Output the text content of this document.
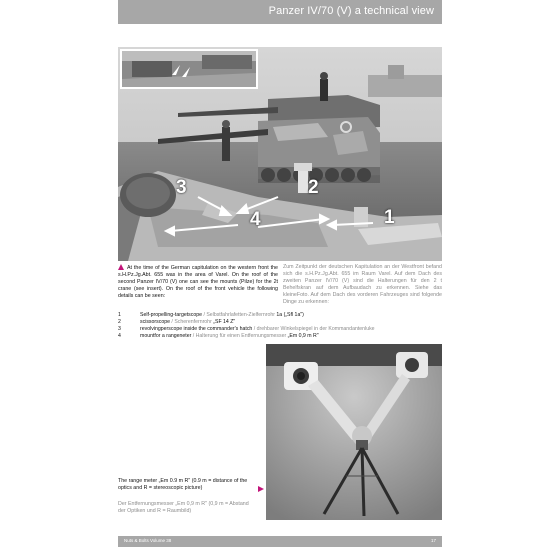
Panzer IV/70 (V) a technical view
3	2
4	1

At the time of the German capitulation on the western front the s.H.Pz.Jg.Abt. 655 was in the area of Varel. On the roof of the second Panzer IV/70 (V) one can see the mounts (Pilze) for the 2t crane (see insert). On the roof of the front vehicle the following details can be seen:

Zum Zeitpunkt der deutschen Kapitulation an der Westfront befand sich die s.H.Pz.Jg.Abt. 655 im Raum Varel. Auf dem Dach des zweiten Panzer IV/70 (V) sind die Halterungen für den 2 t Behelfskran auf dem Aufbaudach zu erkennen. Siehe das kleineFoto. Auf dem Dach des vorderen Fahrzeuges sind folgende Dinge zu erkennen:

1	Self-propelling-targetscope / Selbstfahrlafetten-Zielfernrohr 1a („Sfl 1a")
2	scissorscope / Scherenfernrohr „SF 14 Z"
3	revolvingperscope inside the commander's hatch / drehbarer Winkelspiegel in der Kommandantenluke
4	mountfor a rangeneter / Halterung für einen Entfernungsmesser „Em 0,9 m R"

The range meter „Em 0.9 m R" (0.9 m = distance of the optics and R = stereoscopic picture)

Der Entfernungsmesser „Em 0,9 m R" (0,9 m = Abstand der Optiken und R = Raumbild)

Nuts & Bolts Volume 38	17
